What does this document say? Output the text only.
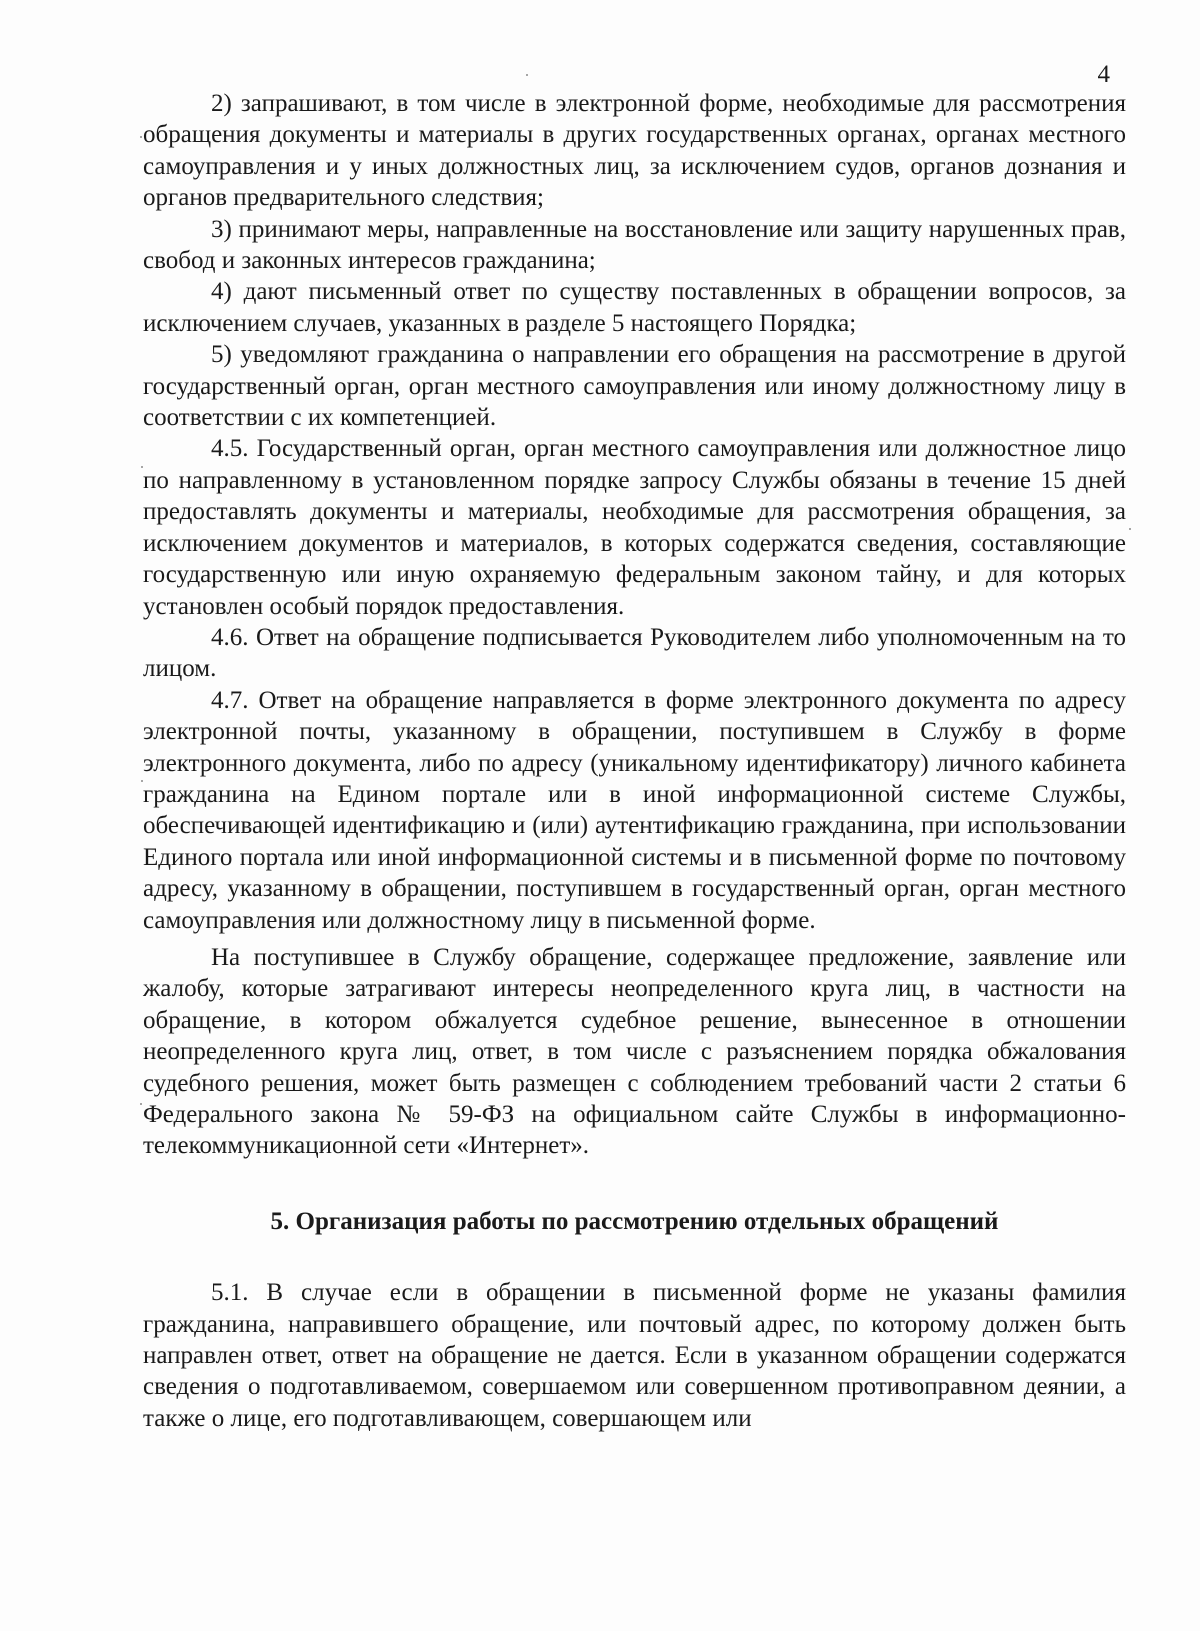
4

2) запрашивают, в том числе в электронной форме, необходимые для рассмотрения обращения документы и материалы в других государственных органах, органах местного самоуправления и у иных должностных лиц, за исключением судов, органов дознания и органов предварительного следствия;

3) принимают меры, направленные на восстановление или защиту нарушенных прав, свобод и законных интересов гражданина;

4) дают письменный ответ по существу поставленных в обращении вопросов, за исключением случаев, указанных в разделе 5 настоящего Порядка;

5) уведомляют гражданина о направлении его обращения на рассмотрение в другой государственный орган, орган местного самоуправления или иному должностному лицу в соответствии с их компетенцией.

4.5. Государственный орган, орган местного самоуправления или должностное лицо по направленному в установленном порядке запросу Службы обязаны в течение 15 дней предоставлять документы и материалы, необходимые для рассмотрения обращения, за исключением документов и материалов, в которых содержатся сведения, составляющие государственную или иную охраняемую федеральным законом тайну, и для которых установлен особый порядок предоставления.

4.6. Ответ на обращение подписывается Руководителем либо уполномоченным на то лицом.

4.7. Ответ на обращение направляется в форме электронного документа по адресу электронной почты, указанному в обращении, поступившем в Службу в форме электронного документа, либо по адресу (уникальному идентификатору) личного кабинета гражданина на Едином портале или в иной информационной системе Службы, обеспечивающей идентификацию и (или) аутентификацию гражданина, при использовании Единого портала или иной информационной системы и в письменной форме по почтовому адресу, указанному в обращении, поступившем в государственный орган, орган местного самоуправления или должностному лицу в письменной форме.

На поступившее в Службу обращение, содержащее предложение, заявление или жалобу, которые затрагивают интересы неопределенного круга лиц, в частности на обращение, в котором обжалуется судебное решение, вынесенное в отношении неопределенного круга лиц, ответ, в том числе с разъяснением порядка обжалования судебного решения, может быть размещен с соблюдением требований части 2 статьи 6 Федерального закона № 59-ФЗ на официальном сайте Службы в информационно-телекоммуникационной сети «Интернет».

5. Организация работы по рассмотрению отдельных обращений

5.1. В случае если в обращении в письменной форме не указаны фамилия гражданина, направившего обращение, или почтовый адрес, по которому должен быть направлен ответ, ответ на обращение не дается. Если в указанном обращении содержатся сведения о подготавливаемом, совершаемом или совершенном противоправном деянии, а также о лице, его подготавливающем, совершающем или
